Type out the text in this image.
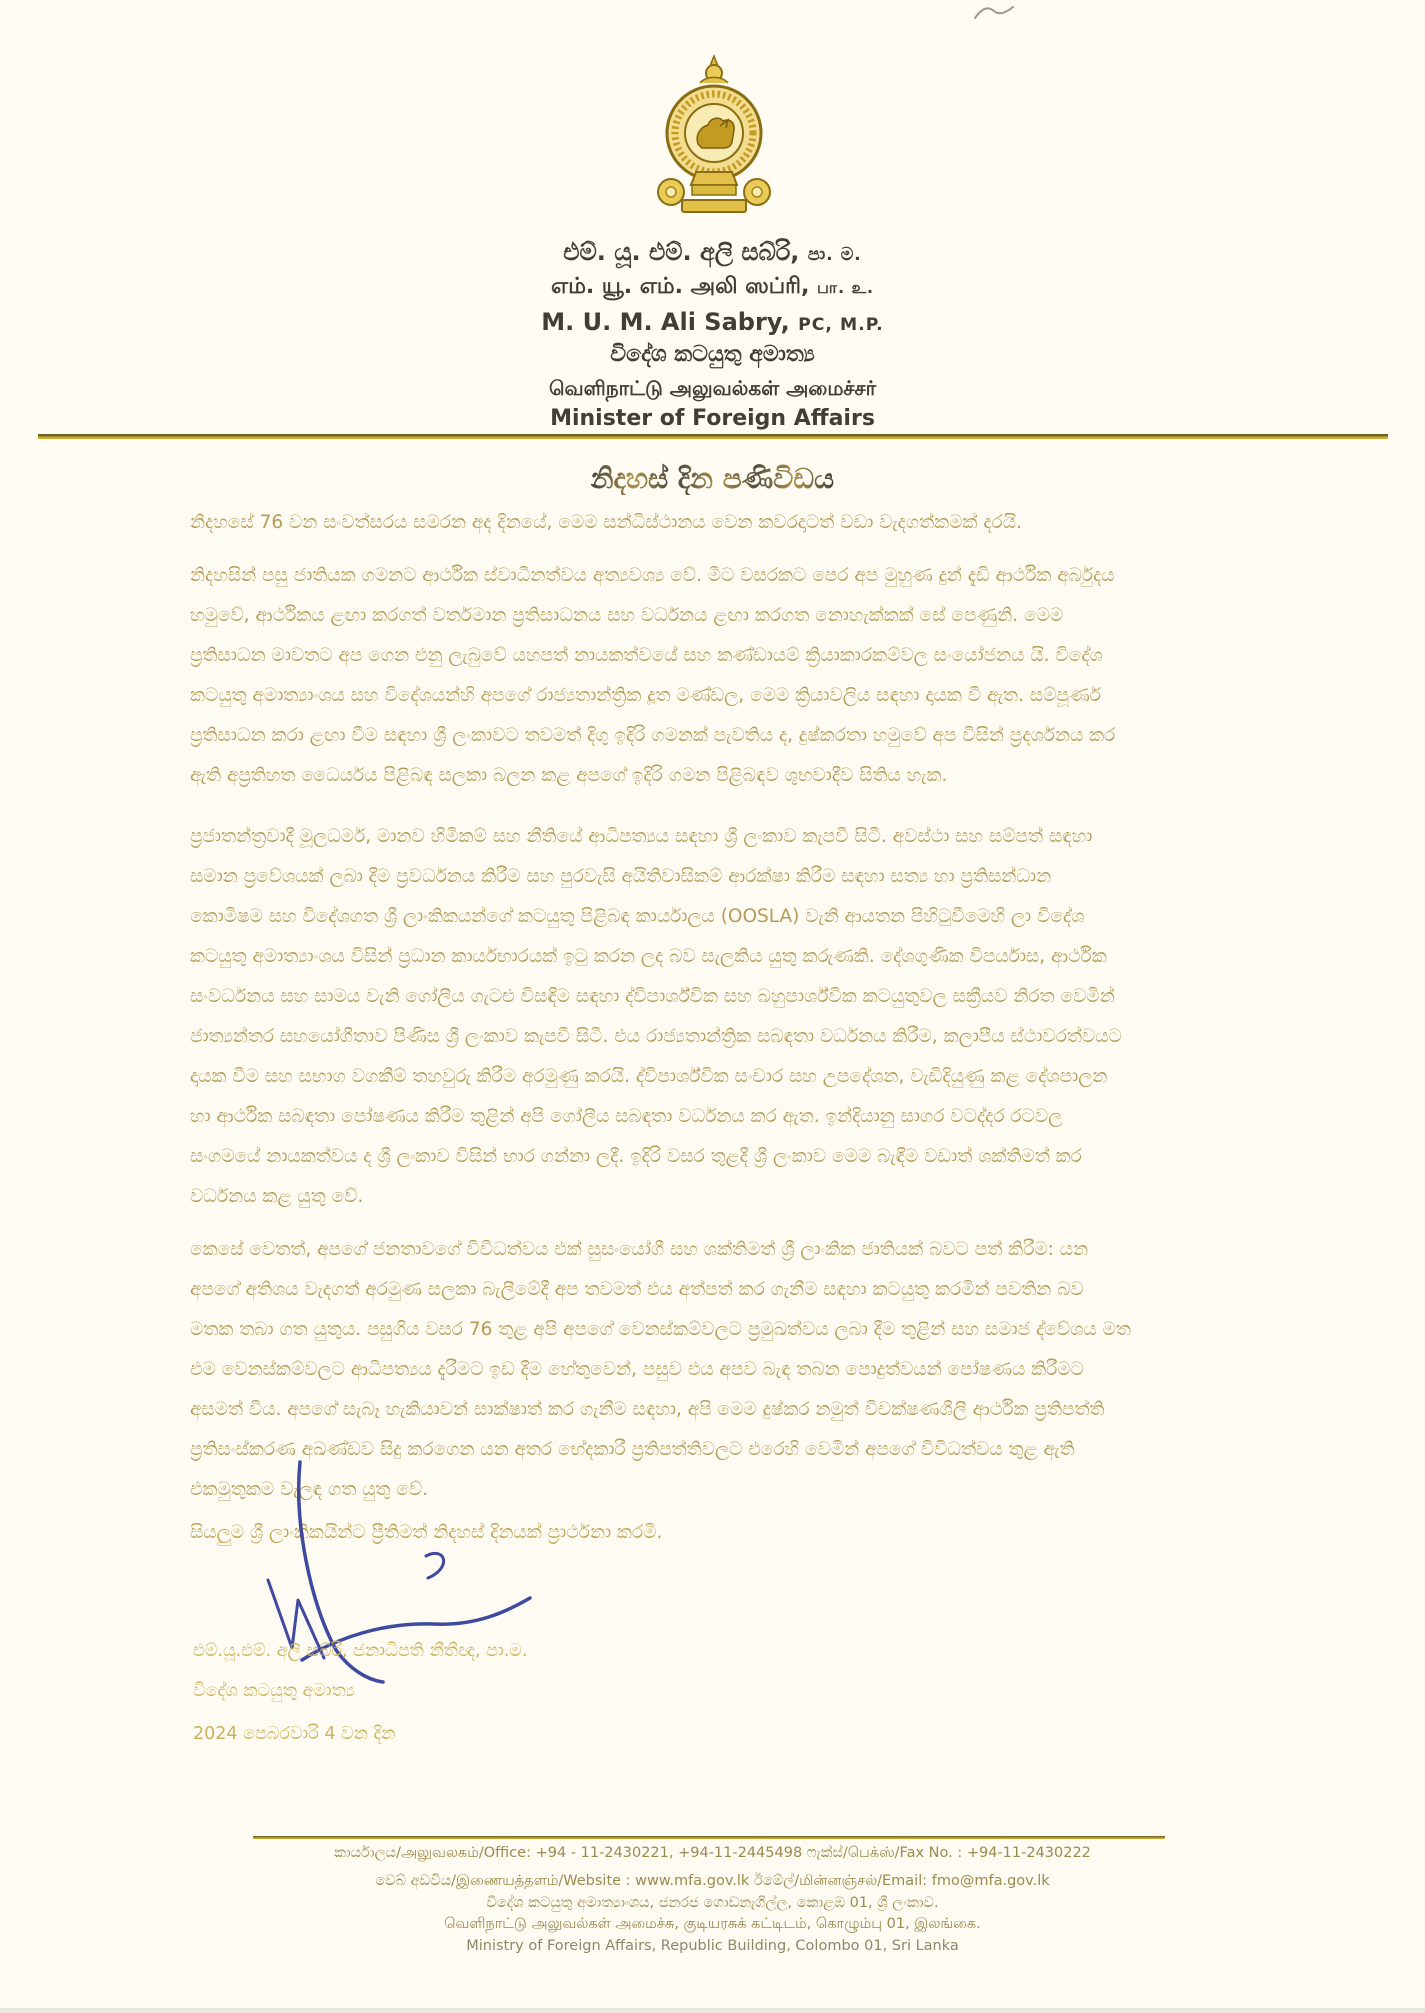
එම්. යූ. එම්. අලි සබ්රි, පා. ම.
எம். யூ. எம். அலி ஸப்ரி, பா. உ.
M. U. M. Ali Sabry, PC, M.P.
විදේශ කටයුතු අමාත්‍ය
வெளிநாட்டு அலுவல்கள் அமைச்சர்
Minister of Foreign Affairs
නිදහස් දින පණිවිඩය
නිදහසේ 76 වන සංවත්සරය සමරන අද දිනයේ, මෙම සන්ධිස්ථානය වෙන කවරදාටත් වඩා වැදගත්කමක් දරයි.
නිදහසින් පසු ජාතියක ගමනට ආර්ථික ස්වාධීනත්වය අත්‍යවශ්‍ය වේ. මීට වසරකට පෙර අප මුහුණ දුන් දැඩි ආර්ථික අර්බුදය
හමුවේ, ආර්ථිකය ළඟා කරගත් වර්තමාන ප්‍රතිසාධනය සහ වර්ධනය ළඟා කරගත නොහැක්කක් සේ පෙණුනි. මෙම
ප්‍රතිසාධන මාවතට අප ගෙන එනු ලැබුවේ යහපත් නායකත්වයේ සහ කණ්ඩායම් ක්‍රියාකාරකම්වල සංයෝජනය යි. විදේශ
කටයුතු අමාත්‍යාංශය සහ විදේශයන්හි අපගේ රාජ්‍යතාන්ත්‍රික දූත මණ්ඩල, මෙම ක්‍රියාවලිය සඳහා දායක වී ඇත. සම්පූර්ණ
ප්‍රතිසාධන කරා ළඟා වීම සඳහා ශ්‍රී ලංකාවට තවමත් දිගු ඉදිරි ගමනක් පැවතිය ද, දුෂ්කරතා හමුවේ අප විසින් ප්‍රදර්ශනය කර
ඇති අප්‍රතිහත ධෛර්යය පිළිබඳ සලකා බලන කළ අපගේ ඉදිරි ගමන පිළිබඳව ශුභවාදීව සිතිය හැක.
ප්‍රජාතන්ත්‍රවාදී මූලධර්ම, මානව හිමිකම් සහ නීතියේ ආධිපත්‍යය සඳහා ශ්‍රී ලංකාව කැපවී සිටී. අවස්ථා සහ සම්පත් සඳහා
සමාන ප්‍රවේශයක් ලබා දීම ප්‍රවර්ධනය කිරීම සහ පුරවැසි අයිතිවාසිකම් ආරක්ෂා කිරීම සඳහා සත්‍ය හා ප්‍රතිසන්ධාන
කොමිෂම සහ විදේශගත ශ්‍රී ලාංකිකයන්ගේ කටයුතු පිළිබඳ කාර්යාලය (OOSLA) වැනි ආයතන පිහිටුවීමෙහි ලා විදේශ
කටයුතු අමාත්‍යාංශය විසින් ප්‍රධාන කාර්යභාරයක් ඉටු කරන ලද බව සැලකිය යුතු කරුණකි. දේශගුණික විපර්යාස, ආර්ථික
සංවර්ධනය සහ සාමය වැනි ගෝලීය ගැටළු විසඳීම සඳහා ද්විපාර්ශ්වික සහ බහුපාර්ශ්වික කටයුතුවල සක්‍රීයව නිරත වෙමින්
ජාත්‍යන්තර සහයෝගීතාව පිණිස ශ්‍රී ලංකාව කැපවී සිටී. එය රාජ්‍යතාන්ත්‍රික සබඳතා වර්ධනය කිරීම, කලාපීය ස්ථාවරත්වයට
දායක වීම සහ සභාග වගකීම් තහවුරු කිරීම අරමුණු කරයි. ද්විපාර්ශ්වික සංචාර සහ උපදේශන, වැඩිදියුණු කළ දේශපාලන
හා ආර්ථික සබඳතා පෝෂණය කිරීම තුළින් අපි ගෝලීය සබඳතා වර්ධනය කර ඇත. ඉන්දියානු සාගර වටද්දර රටවල
සංගමයේ නායකත්වය ද ශ්‍රී ලංකාව විසින් භාර ගන්නා ලදී. ඉදිරි වසර තුළදී ශ්‍රී ලංකාව මෙම බැඳීම වඩාත් ශක්තිමත් කර
වර්ධනය කළ යුතු වේ.
කෙසේ වෙතත්, අපගේ ජනතාවගේ විවිධත්වය එක් සුසංයෝගී සහ ශක්තිමත් ශ්‍රී ලාංකික ජාතියක් බවට පත් කිරීම: යන
අපගේ අතිශය වැදගත් අරමුණ සලකා බැලීමේදී අප තවමත් එය අත්පත් කර ගැනීම සඳහා කටයුතු කරමින් පවතින බව
මතක තබා ගත යුතුය. පසුගිය වසර 76 තුළ අපි අපගේ වෙනස්කම්වලට ප්‍රමුඛත්වය ලබා දීම තුළින් සහ සමාජ ද්වේශය මත
එම වෙනස්කම්වලට ආධිපත්‍යය දැරීමට ඉඩ දීම හේතුවෙන්, පසුව එය අපව බැඳ තබන පොදුත්වයන් පෝෂණය කිරීමට
අසමත් විය. අපගේ සැබෑ හැකියාවන් සාක්ෂාත් කර ගැනීම සඳහා, අපි මෙම දුෂ්කර නමුත් විචක්ෂණශීලී ආර්ථික ප්‍රතිපත්ති
ප්‍රතිසංස්කරණ අඛණ්ඩව සිදු කරගෙන යන අතර භේදකාරී ප්‍රතිපත්තිවලට එරෙහි වෙමින් අපගේ විවිධත්වය තුළ ඇති
එකමුතුකම වැලඳ ගත යුතු වේ.
සියලුම ශ්‍රී ලාංකිකයින්ට ප්‍රීතිමත් නිදහස් දිනයක් ප්‍රාර්ථනා කරමි.
එම්.යූ.එම්. අලි සබ්රි, ජනාධිපති නීතීඥ, පා.ම.
විදේශ කටයුතු අමාත්‍ය
2024 පෙබරවාරි 4 වන දින
කාර්යාලය/அலுவலகம்/Office: +94 - 11-2430221, +94-11-2445498 ෆැක්ස්/பெக்ஸ்/Fax No. : +94-11-2430222
වෙබ් අඩවිය/இணையத்தளம்/Website : www.mfa.gov.lk ඊමේල්/மின்னஞ்சல்/Email: fmo@mfa.gov.lk
විදේශ කටයුතු අමාත්‍යාංශය, ජනරජ ගොඩනැගිල්ල, කොළඹ 01, ශ්‍රී ලංකාව.
வெளிநாட்டு அலுவல்கள் அமைச்சு, குடியரசுக் கட்டிடம், கொழும்பு 01, இலங்கை.
Ministry of Foreign Affairs, Republic Building, Colombo 01, Sri Lanka
